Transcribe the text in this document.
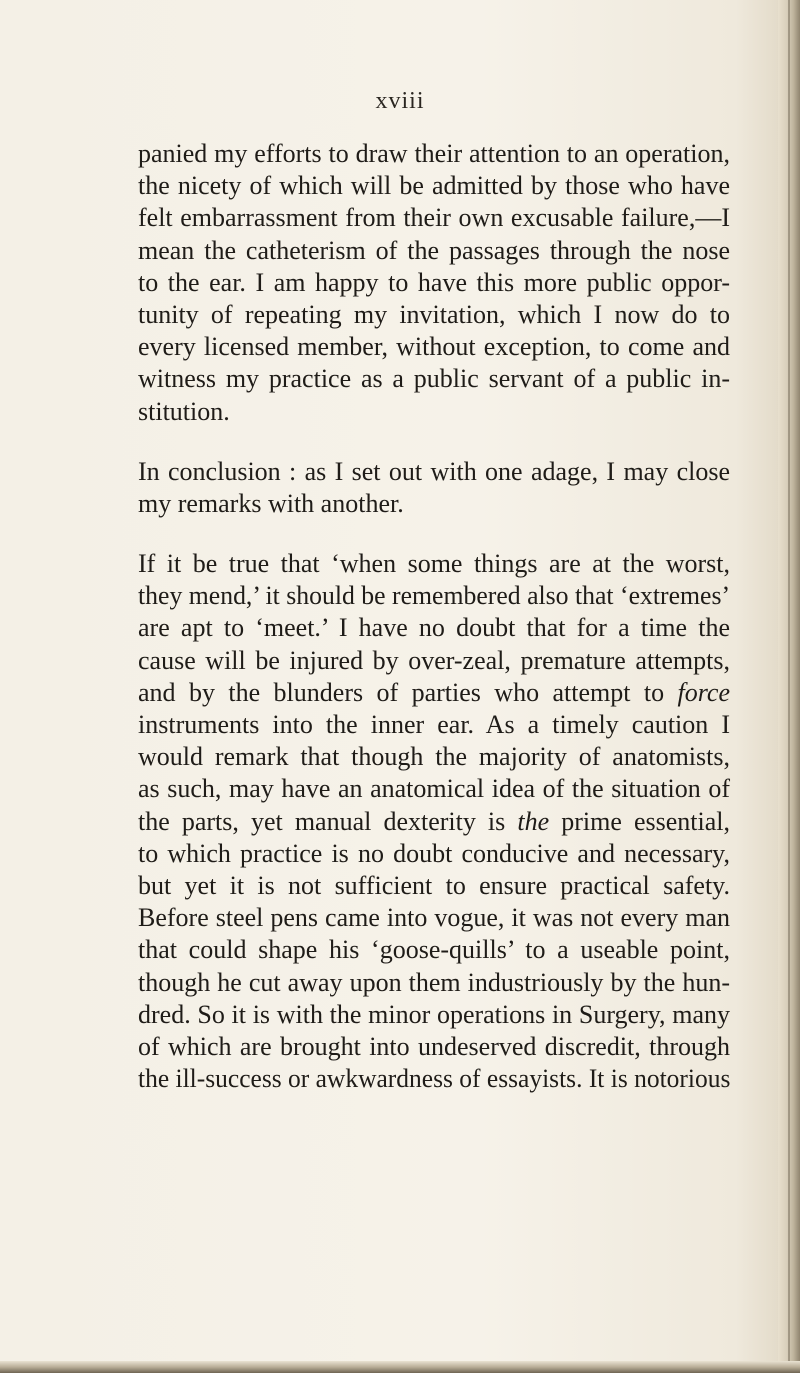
xviii
panied my efforts to draw their attention to an operation,
the nicety of which will be admitted by those who have
felt embarrassment from their own excusable failure,—I
mean the catheterism of the passages through the nose
to the ear. I am happy to have this more public oppor-
tunity of repeating my invitation, which I now do to
every licensed member, without exception, to come and
witness my practice as a public servant of a public in-
stitution.
In conclusion : as I set out with one adage, I may close
my remarks with another.
If it be true that ‘when some things are at the worst,
they mend,’ it should be remembered also that ‘extremes’
are apt to ‘meet.’ I have no doubt that for a time the
cause will be injured by over-zeal, premature attempts,
and by the blunders of parties who attempt to force
instruments into the inner ear. As a timely caution I
would remark that though the majority of anatomists,
as such, may have an anatomical idea of the situation of
the parts, yet manual dexterity is the prime essential,
to which practice is no doubt conducive and necessary,
but yet it is not sufficient to ensure practical safety.
Before steel pens came into vogue, it was not every man
that could shape his ‘goose-quills’ to a useable point,
though he cut away upon them industriously by the hun-
dred. So it is with the minor operations in Surgery, many
of which are brought into undeserved discredit, through
the ill-success or awkwardness of essayists. It is notorious
